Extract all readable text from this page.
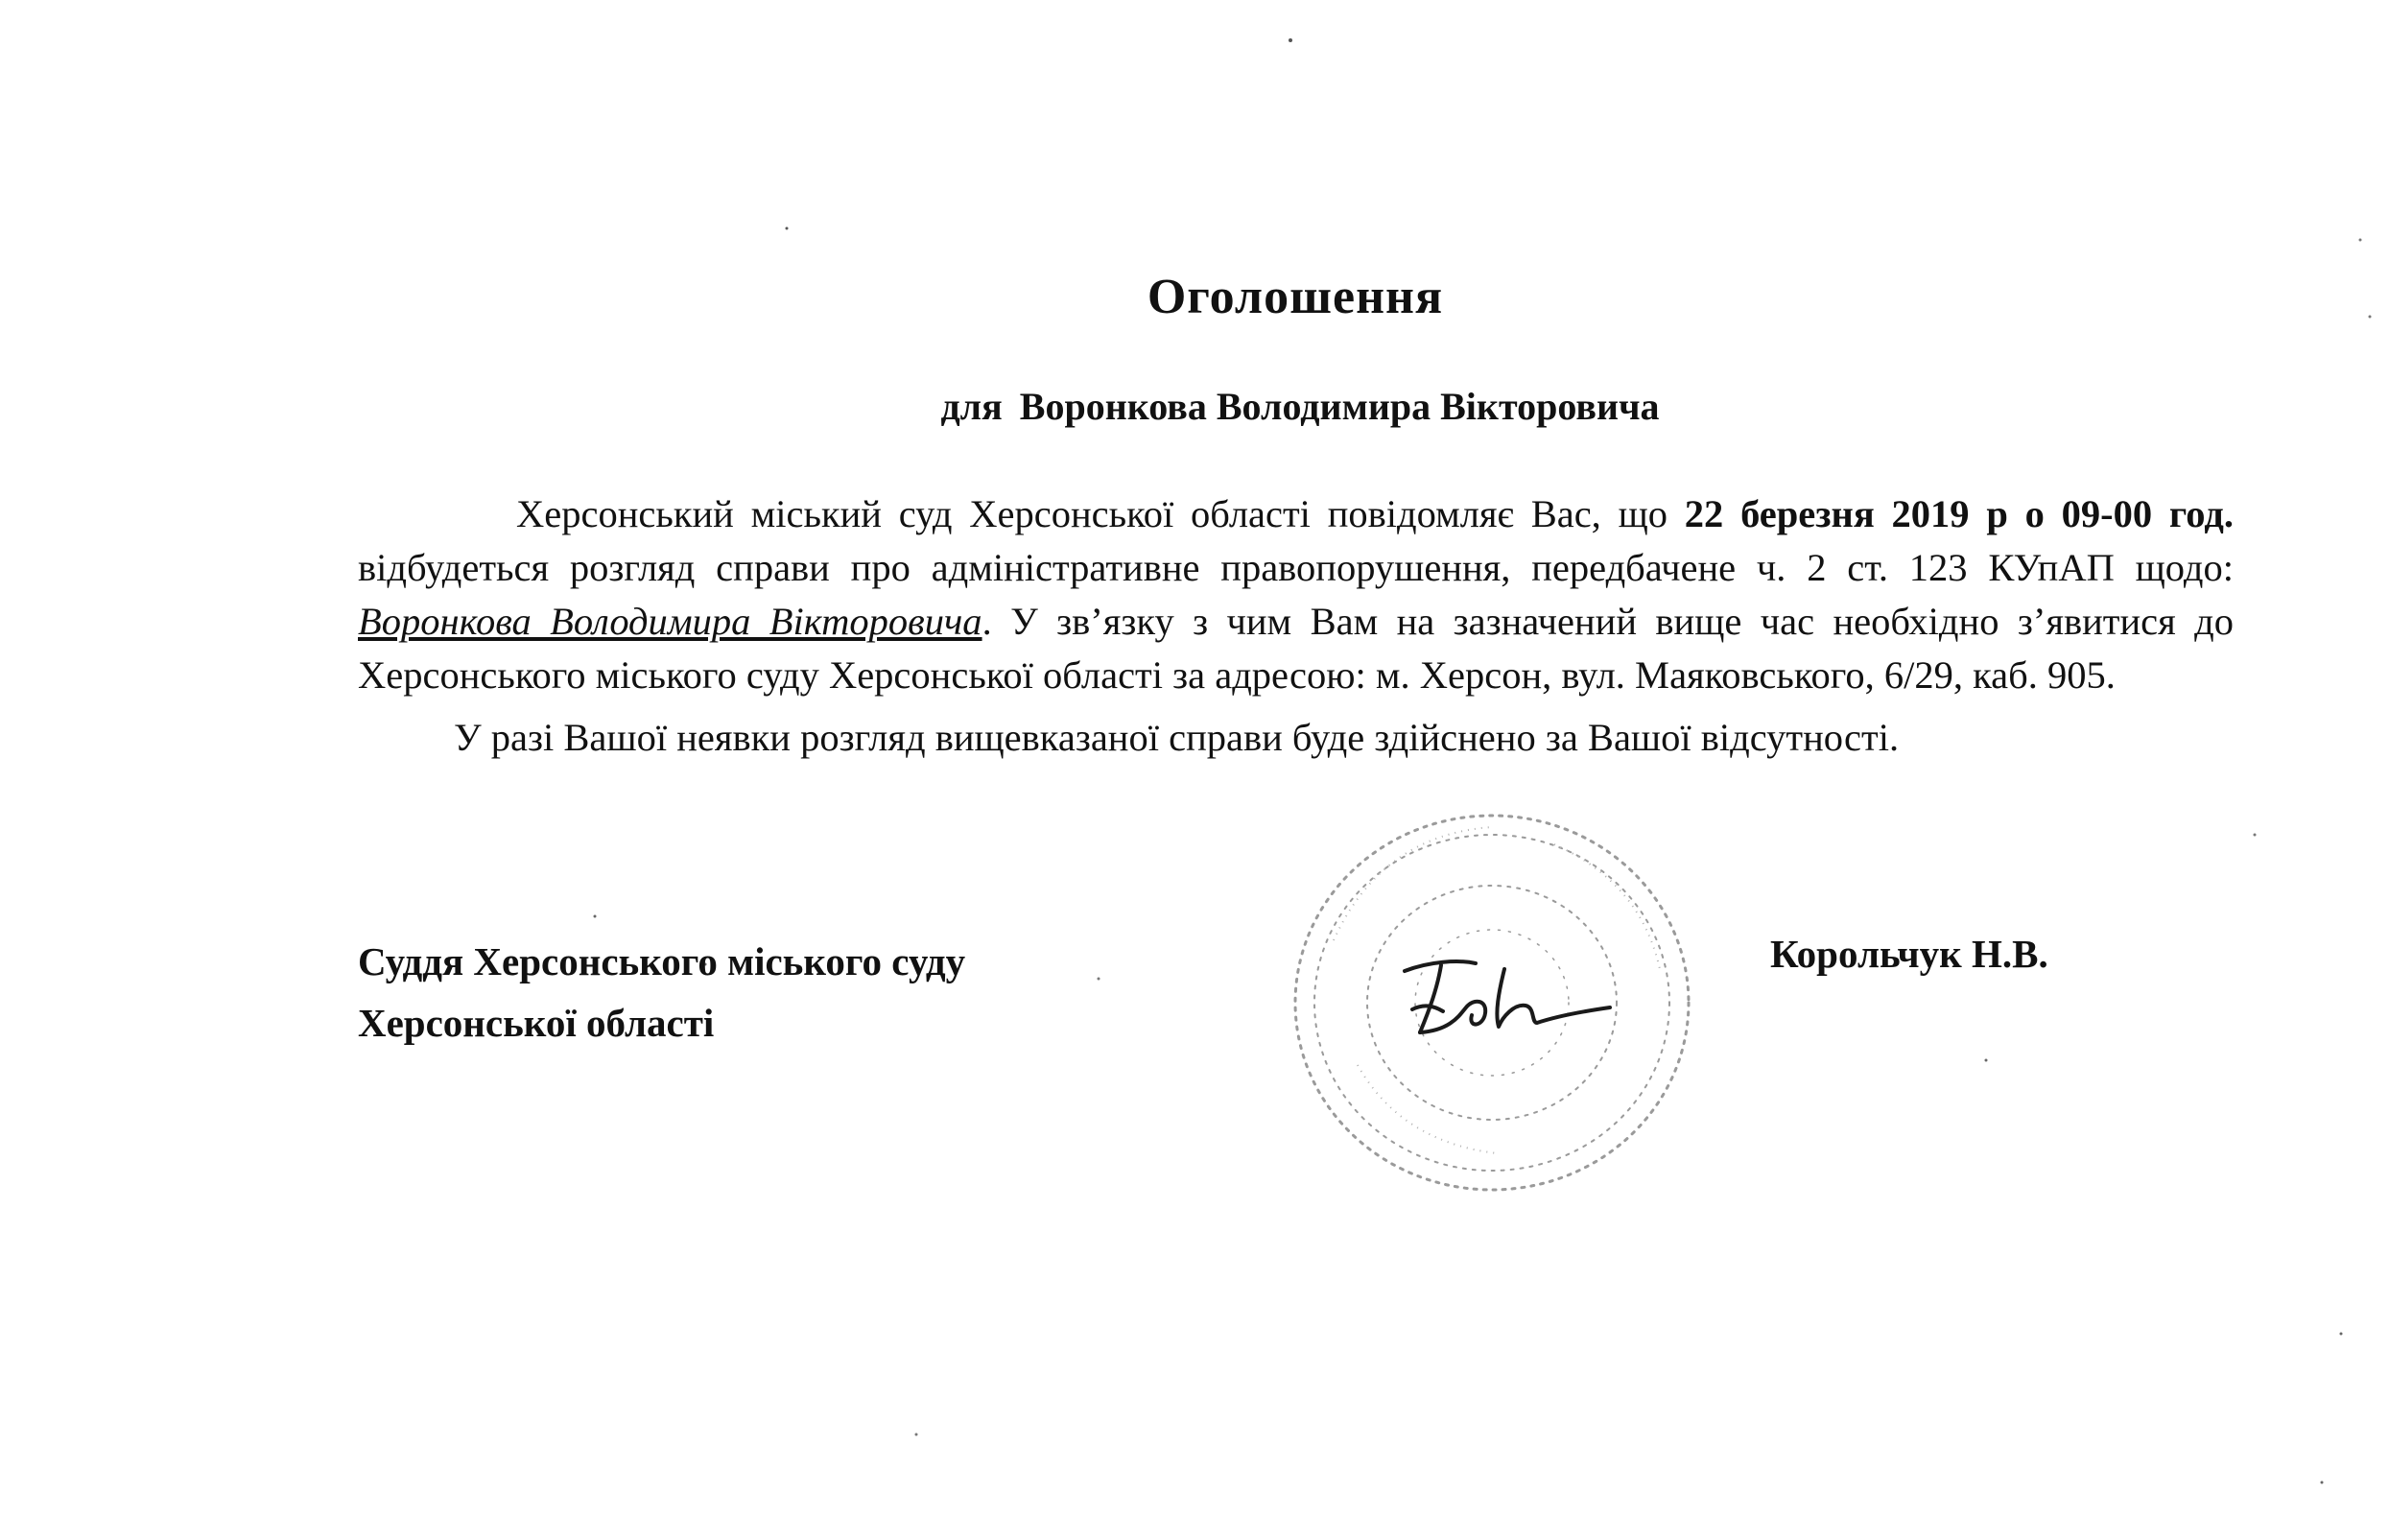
Оголошення
для Воронкова Володимира Вікторовича

Херсонський міський суд Херсонської області повідомляє Вас, що 22 березня 2019 р о 09-00 год. відбудеться розгляд справи про адміністративне правопорушення, передбачене ч. 2 ст. 123 КУпАП щодо: Воронкова Володимира Вікторовича. У зв’язку з чим Вам на зазначений вище час необхідно з’явитися до Херсонського міського суду Херсонської області за адресою: м. Херсон, вул. Маяковського, 6/29, каб. 905.

У разі Вашої неявки розгляд вищевказаної справи буде здійснено за Вашої відсутності.

Суддя Херсонського міського суду
Херсонської області
Корольчук Н.В.
